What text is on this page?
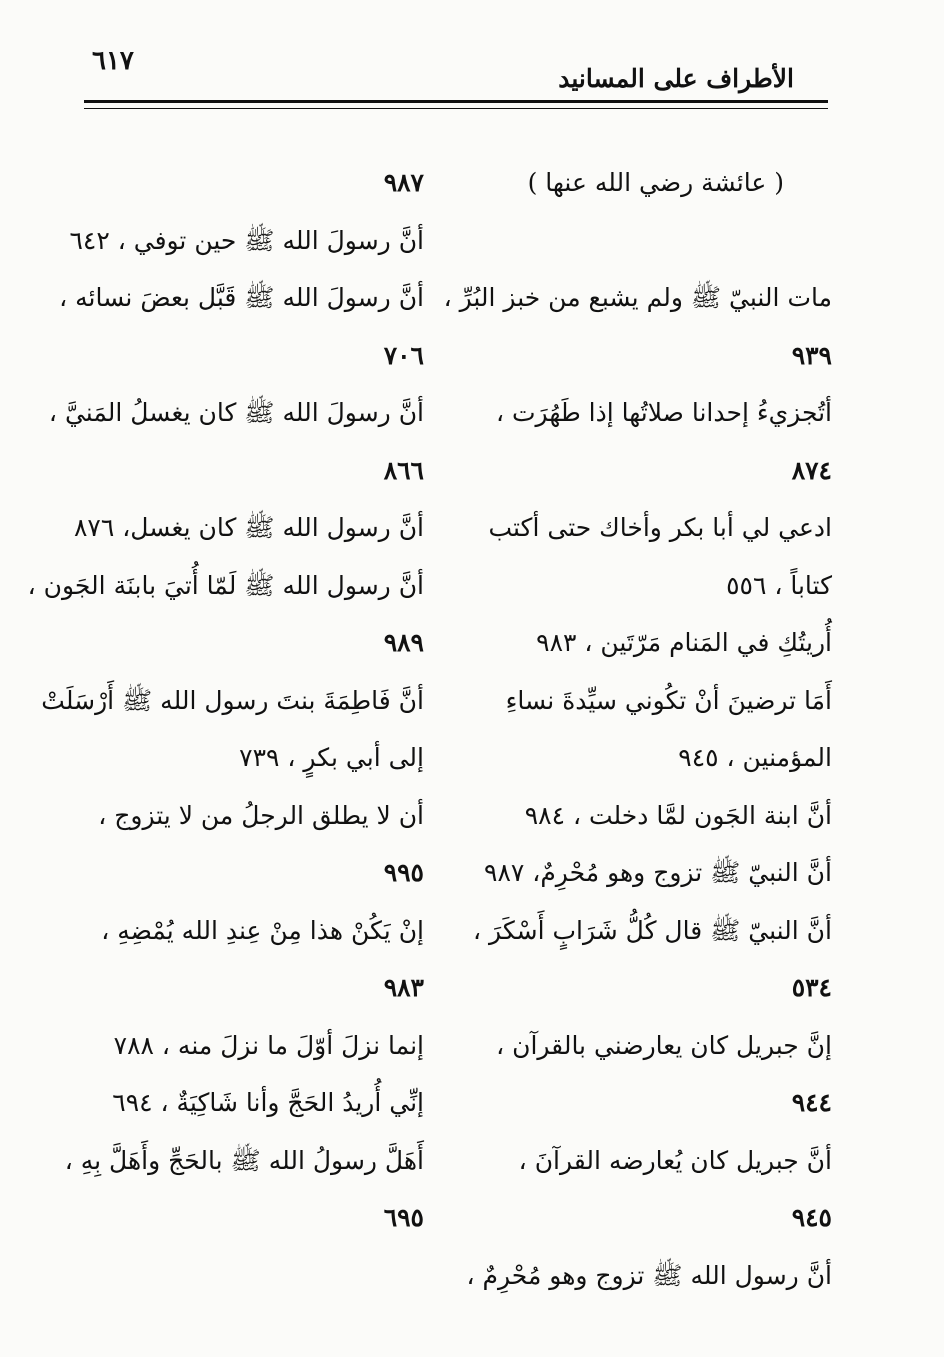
٦١٧
الأطراف على المسانيد
( عائشة رضي الله عنها )
مات النبيّ ﷺ ولم يشبع من خبز البُرِّ ،
٩٣٩
أتُجزيءُ إحدانا صلاتُها إذا طَهُرَت ،
٨٧٤
ادعي لي أبا بكر وأخاك حتى أكتب
كتاباً ، ٥٥٦
أُريتُكِ في المَنام مَرّتَين ، ٩٨٣
أَمَا ترضينَ أنْ تكُوني سيِّدةَ نساءِ
المؤمنين ، ٩٤٥
أنَّ ابنة الجَون لمَّا دخلت ، ٩٨٤
أنَّ النبيّ ﷺ تزوج وهو مُحْرِمٌ، ٩٨٧
أنَّ النبيّ ﷺ قال كُلُّ شَرَابٍ أَسْكَرَ ،
٥٣٤
إنَّ جبريل كان يعارضني بالقرآن ،
٩٤٤
أنَّ جبريل كان يُعارضه القرآنَ ،
٩٤٥
أنَّ رسول الله ﷺ تزوج وهو مُحْرِمٌ ،
٩٨٧
أنَّ رسولَ الله ﷺ حين توفي ، ٦٤٢
أنَّ رسولَ الله ﷺ قَبَّل بعضَ نسائه ،
٧٠٦
أنَّ رسولَ الله ﷺ كان يغسلُ المَنيَّ ،
٨٦٦
أنَّ رسول الله ﷺ كان يغسل، ٨٧٦
أنَّ رسول الله ﷺ لَمّا أُتيَ بابنَة الجَون ،
٩٨٩
أنَّ فَاطِمَةَ بنتَ رسول الله ﷺ أَرْسَلَتْ
إلى أبي بكرٍ ، ٧٣٩
أن لا يطلق الرجلُ من لا يتزوج ،
٩٩٥
إنْ يَكُنْ هذا مِنْ عِندِ الله يُمْضِهِ ،
٩٨٣
إنما نزلَ أوّلَ ما نزلَ منه ، ٧٨٨
إنِّي أُريدُ الحَجَّ وأنا شَاكِيَةٌ ، ٦٩٤
أَهَلَّ رسولُ الله ﷺ بالحَجِّ وأَهَلَّ بِهِ ،
٦٩٥
